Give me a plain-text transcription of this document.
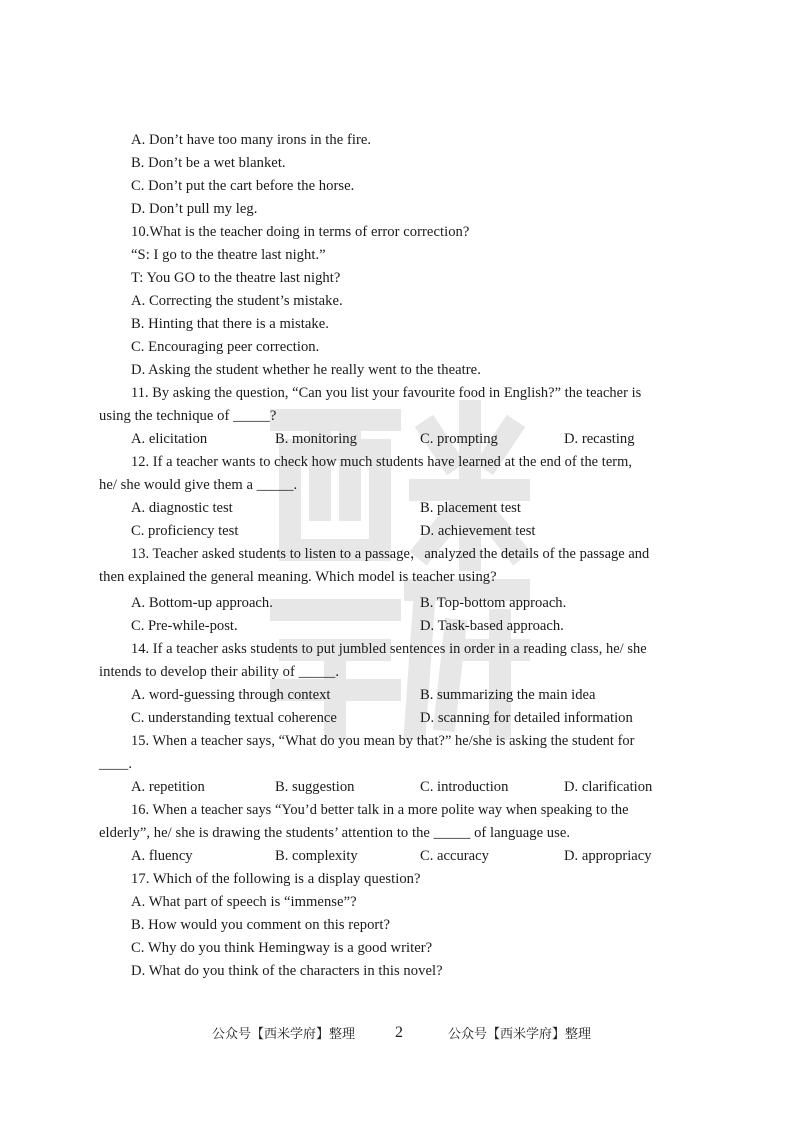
A. Don’t have too many irons in the fire.
B. Don’t be a wet blanket.
C. Don’t put the cart before the horse.
D. Don’t pull my leg.
10.What is the teacher doing in terms of error correction?
“S: I go to the theatre last night.”
T: You GO to the theatre last night?
A. Correcting the student’s mistake.
B. Hinting that there is a mistake.
C. Encouraging peer correction.
D. Asking the student whether he really went to the theatre.
11. By asking the question, “Can you list your favourite food in English?” the teacher is
using the technique of _____?
A. elicitation	B. monitoring	C. prompting	D. recasting
12. If a teacher wants to check how much students have learned at the end of the term,
he/ she would give them a _____.
A. diagnostic test	B. placement test
C. proficiency test	D. achievement test
13. Teacher asked students to listen to a passage，analyzed the details of the passage and
then explained the general meaning. Which model is teacher using?
A. Bottom-up approach.	B. Top-bottom approach.
C. Pre-while-post.	D. Task-based approach.
14. If a teacher asks students to put jumbled sentences in order in a reading class, he/ she
intends to develop their ability of _____.
A. word-guessing through context	B. summarizing the main idea
C. understanding textual coherence	D. scanning for detailed information
15. When a teacher says, “What do you mean by that?” he/she is asking the student for
____.
A. repetition	B. suggestion	C. introduction	D. clarification
16. When a teacher says “You’d better talk in a more polite way when speaking to the
elderly”, he/ she is drawing the students’ attention to the _____ of language use.
A. fluency	B. complexity	C. accuracy	D. appropriacy
17. Which of the following is a display question?
A. What part of speech is “immense”?
B. How would you comment on this report?
C. Why do you think Hemingway is a good writer?
D. What do you think of the characters in this novel?
公众号【西米学府】整理 2	公众号【西米学府】整理
